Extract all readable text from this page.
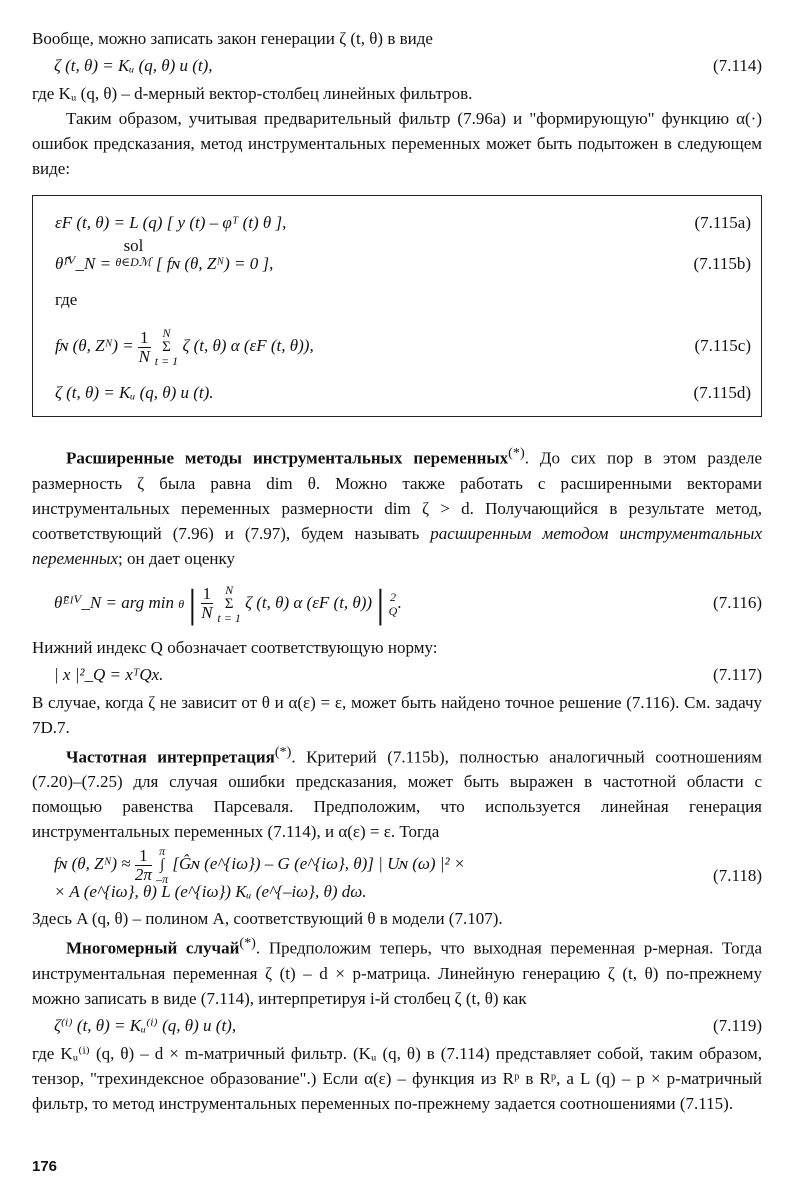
Вообще, можно записать закон генерации ζ (t, θ) в виде

ζ (t, θ) = Kᵤ (q, θ) u (t),	(7.114)

где Kᵤ (q, θ) – d-мерный вектор-столбец линейных фильтров.

Таким образом, учитывая предварительный фильтр (7.96а) и "формирующую" функцию α(·) ошибок предсказания, метод инструментальных переменных может быть подытожен в следующем виде:

εF (t, θ) = L (q) [ y (t) – φᵀ (t) θ ],	(7.115a)
θ̂ᴵⱽ_N = sol
θ∈Dℳ [ fɴ (θ, Zᴺ) = 0 ],	(7.115b)

где

fɴ (θ, Zᴺ) = $\frac{1}{N}$
N
Σ
t = 1
ζ (t, θ) α (εF (t, θ)),	(7.115c)
ζ (t, θ) = Kᵤ (q, θ) u (t).	(7.115d)

Расширенные методы инструментальных переменных(*). До сих пор в этом разделе размерность ζ была равна dim θ. Можно также работать с расширенными векторами инструментальных переменных размерности dim ζ > d. Получающийся в результате метод, соответствующий (7.96) и (7.97), будем называть расширенным методом инструментальных переменных; он дает оценку

θ̂ᴱᴵⱽ_N = arg min θ | $\frac{1}{N}$
N
Σ
t = 1
ζ (t, θ) α (εF (t, θ)) | 2
Q .	(7.116)

Нижний индекс Q обозначает соответствующую норму:

| x |²_Q = xᵀQx.	(7.117)

В случае, когда ζ не зависит от θ и α(ε) = ε, может быть найдено точное решение (7.116). См. задачу 7D.7.

Частотная интерпретация(*). Критерий (7.115b), полностью аналогичный соотношениям (7.20)–(7.25) для случая ошибки предсказания, может быть выражен в частотной области с помощью равенства Парсеваля. Предположим, что используется линейная генерация инструментальных переменных (7.114), и α(ε) = ε. Тогда

fɴ (θ, Zᴺ) ≈ $\frac{1}{2\pi}$
π
∫
–π
[Ĝɴ (e^{iω}) – G (e^{iω}, θ)] | Uɴ (ω) |² ×
× A (e^{iω}, θ) L (e^{iω}) Kᵤ (e^{–iω}, θ) dω.
(7.118)

Здесь A (q, θ) – полином A, соответствующий θ в модели (7.107).

Многомерный случай(*). Предположим теперь, что выходная переменная p-мерная. Тогда инструментальная переменная ζ (t) – d × p-матрица. Линейную генерацию ζ (t, θ) по-прежнему можно записать в виде (7.114), интерпретируя i-й столбец ζ (t, θ) как

ζ⁽ⁱ⁾ (t, θ) = Kᵤ⁽ⁱ⁾ (q, θ) u (t),	(7.119)

где Kᵤ⁽ⁱ⁾ (q, θ) – d × m-матричный фильтр. (Kᵤ (q, θ) в (7.114) представляет собой, таким образом, тензор, "трехиндексное образование".) Если α(ε) – функция из Rᵖ в Rᵖ, а L (q) – p × p-матричный фильтр, то метод инструментальных переменных по-прежнему задается соотношениями (7.115).

176
